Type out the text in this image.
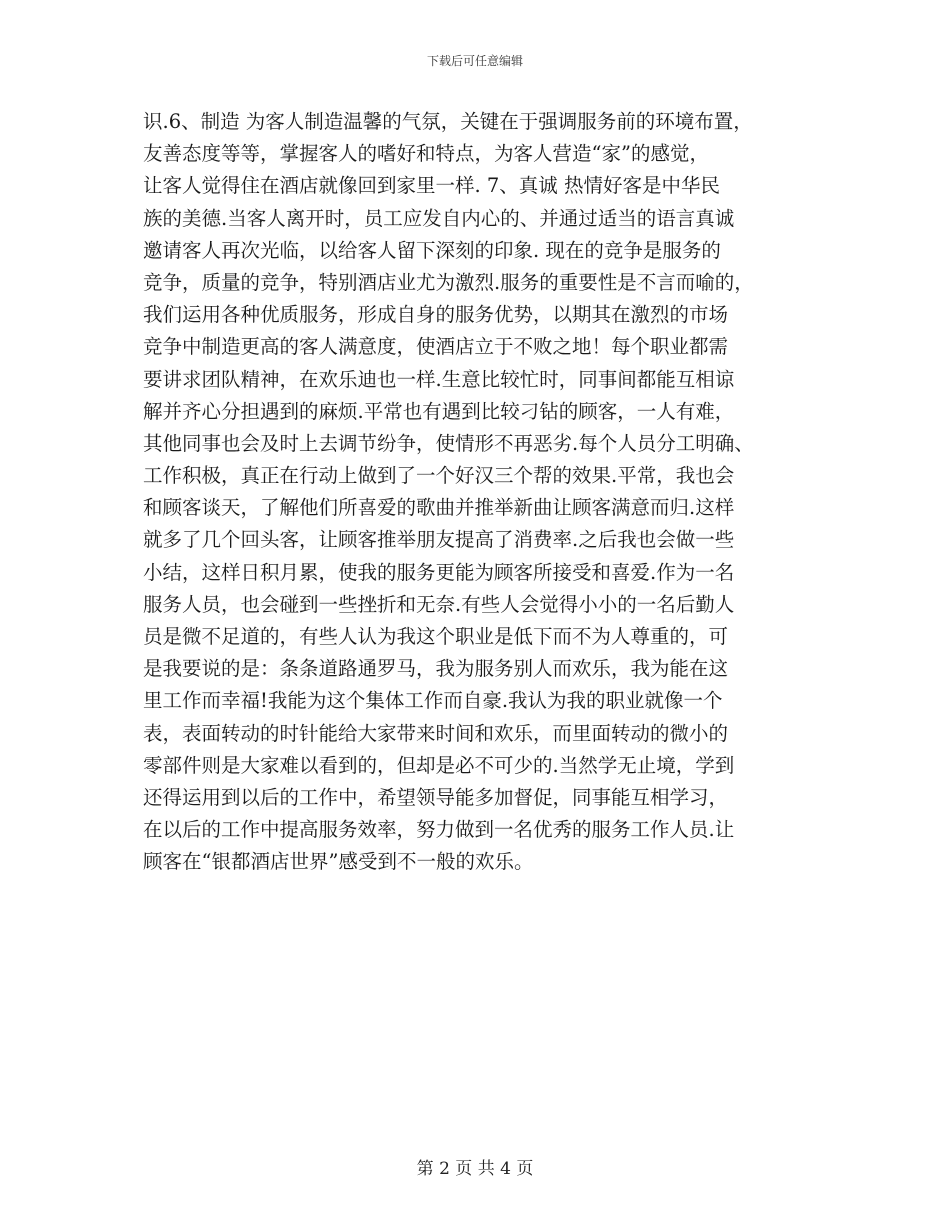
下载后可任意编辑
识.6、制造 为客人制造温馨的气氛，关键在于强调服务前的环境布置，
友善态度等等，掌握客人的嗜好和特点，为客人营造“家”的感觉，
让客人觉得住在酒店就像回到家里一样. 7、真诚 热情好客是中华民
族的美德.当客人离开时，员工应发自内心的、并通过适当的语言真诚
邀请客人再次光临，以给客人留下深刻的印象. 现在的竞争是服务的
竞争，质量的竞争，特别酒店业尤为激烈.服务的重要性是不言而喻的，
我们运用各种优质服务，形成自身的服务优势，以期其在激烈的市场
竞争中制造更高的客人满意度，使酒店立于不败之地！每个职业都需
要讲求团队精神，在欢乐迪也一样.生意比较忙时，同事间都能互相谅
解并齐心分担遇到的麻烦.平常也有遇到比较刁钻的顾客，一人有难，
其他同事也会及时上去调节纷争，使情形不再恶劣.每个人员分工明确、
工作积极，真正在行动上做到了一个好汉三个帮的效果.平常，我也会
和顾客谈天，了解他们所喜爱的歌曲并推举新曲让顾客满意而归.这样
就多了几个回头客，让顾客推举朋友提高了消费率.之后我也会做一些
小结，这样日积月累，使我的服务更能为顾客所接受和喜爱.作为一名
服务人员，也会碰到一些挫折和无奈.有些人会觉得小小的一名后勤人
员是微不足道的，有些人认为我这个职业是低下而不为人尊重的，可
是我要说的是：条条道路通罗马，我为服务别人而欢乐，我为能在这
里工作而幸福!我能为这个集体工作而自豪.我认为我的职业就像一个
表，表面转动的时针能给大家带来时间和欢乐，而里面转动的微小的
零部件则是大家难以看到的，但却是必不可少的.当然学无止境，学到
还得运用到以后的工作中，希望领导能多加督促，同事能互相学习，
在以后的工作中提高服务效率，努力做到一名优秀的服务工作人员.让
顾客在“银都酒店世界”感受到不一般的欢乐。
第 2 页 共 4 页
